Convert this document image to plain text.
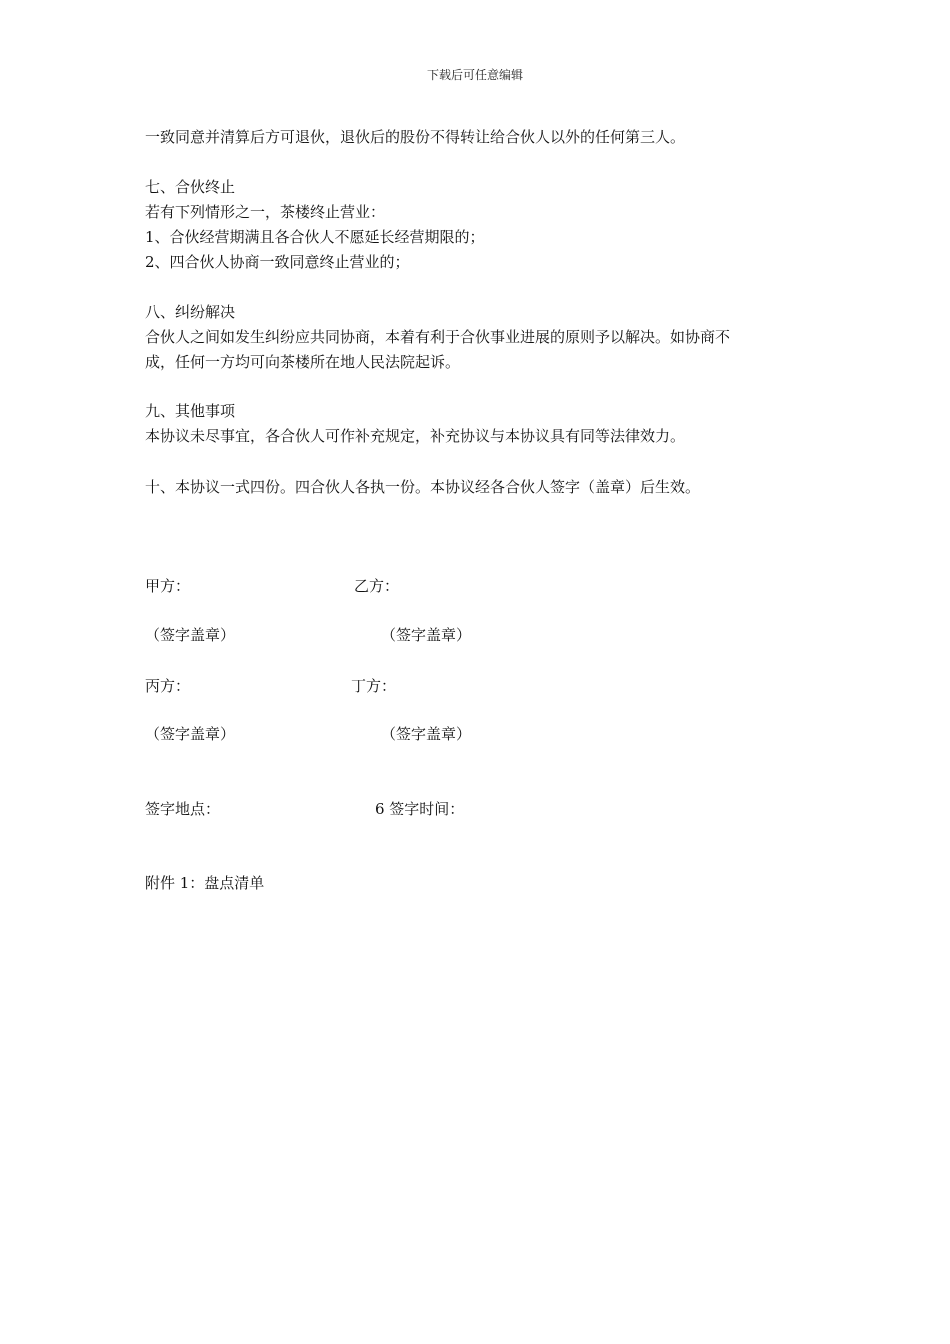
下载后可任意编辑
一致同意并清算后方可退伙，退伙后的股份不得转让给合伙人以外的任何第三人。
七、合伙终止
若有下列情形之一，茶楼终止营业：
1、合伙经营期满且各合伙人不愿延长经营期限的；
2、四合伙人协商一致同意终止营业的；
八、纠纷解决
合伙人之间如发生纠纷应共同协商，本着有利于合伙事业进展的原则予以解决。如协商不
成，任何一方均可向茶楼所在地人民法院起诉。
九、其他事项
本协议未尽事宜，各合伙人可作补充规定，补充协议与本协议具有同等法律效力。
十、本协议一式四份。四合伙人各执一份。本协议经各合伙人签字（盖章）后生效。
甲方：	乙方：
（签字盖章）	（签字盖章）
丙方：	丁方：
（签字盖章）	（签字盖章）
签字地点：	6 签字时间：
附件 1：盘点清单
